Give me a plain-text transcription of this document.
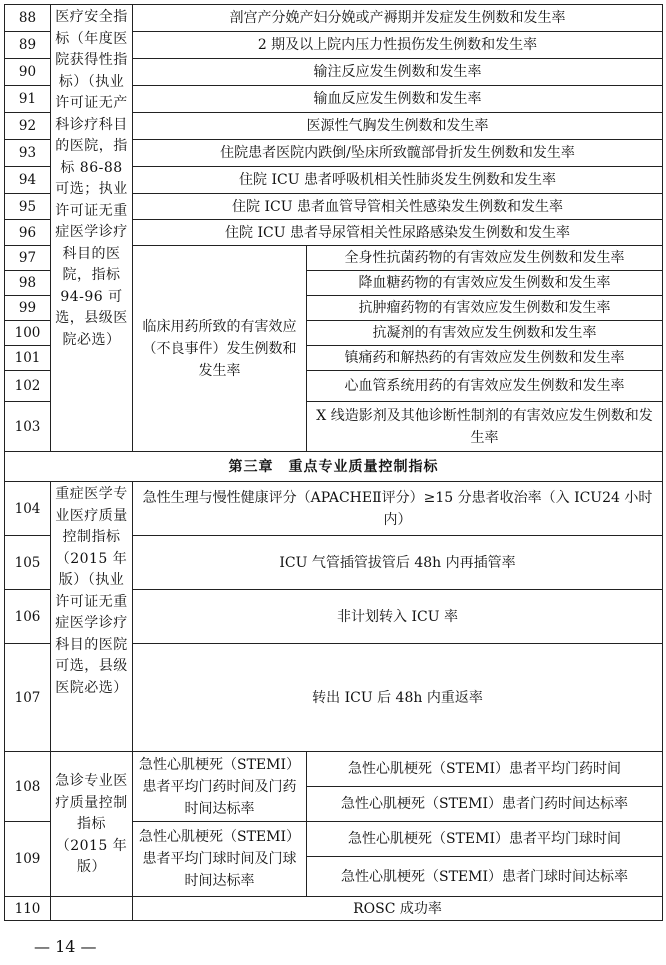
88	医疗安全指标（年度医院获得性指标）（执业许可证无产科诊疗科目的医院，指标 86-88 可选；执业许可证无重症医学诊疗科目的医院，指标 94-96 可选，县级医院必选）	剖宫产分娩产妇分娩或产褥期并发症发生例数和发生率	
89		2 期及以上院内压力性损伤发生例数和发生率	
90		输注反应发生例数和发生率	
91		输血反应发生例数和发生率	
92		医源性气胸发生例数和发生率	
93		住院患者医院内跌倒/坠床所致髋部骨折发生例数和发生率	
94		住院 ICU 患者呼吸机相关性肺炎发生例数和发生率	
95		住院 ICU 患者血管导管相关性感染发生例数和发生率	
96		住院 ICU 患者导尿管相关性尿路感染发生例数和发生率	
97		临床用药所致的有害效应（不良事件）发生例数和发生率	全身性抗菌药物的有害效应发生例数和发生率
98			降血糖药物的有害效应发生例数和发生率
99			抗肿瘤药物的有害效应发生例数和发生率
100			抗凝剂的有害效应发生例数和发生率
101			镇痛药和解热药的有害效应发生例数和发生率
102			心血管系统用药的有害效应发生例数和发生率
103			X 线造影剂及其他诊断性制剂的有害效应发生例数和发生率
第三章　重点专业质量控制指标			
104	重症医学专业医疗质量控制指标（2015 年版）（执业许可证无重症医学诊疗科目的医院可选，县级医院必选）	急性生理与慢性健康评分（APACHEⅡ评分）≥15 分患者收治率（入 ICU24 小时内）	
105		ICU 气管插管拔管后 48h 内再插管率	
106		非计划转入 ICU 率	
107		转出 ICU 后 48h 内重返率	
108	急诊专业医疗质量控制指标（2015 年版）	急性心肌梗死（STEMI）患者平均门药时间及门药时间达标率	急性心肌梗死（STEMI）患者平均门药时间
			急性心肌梗死（STEMI）患者门药时间达标率
109		急性心肌梗死（STEMI）患者平均门球时间及门球时间达标率	急性心肌梗死（STEMI）患者平均门球时间
			急性心肌梗死（STEMI）患者门球时间达标率
110		ROSC 成功率	
— 14 —
